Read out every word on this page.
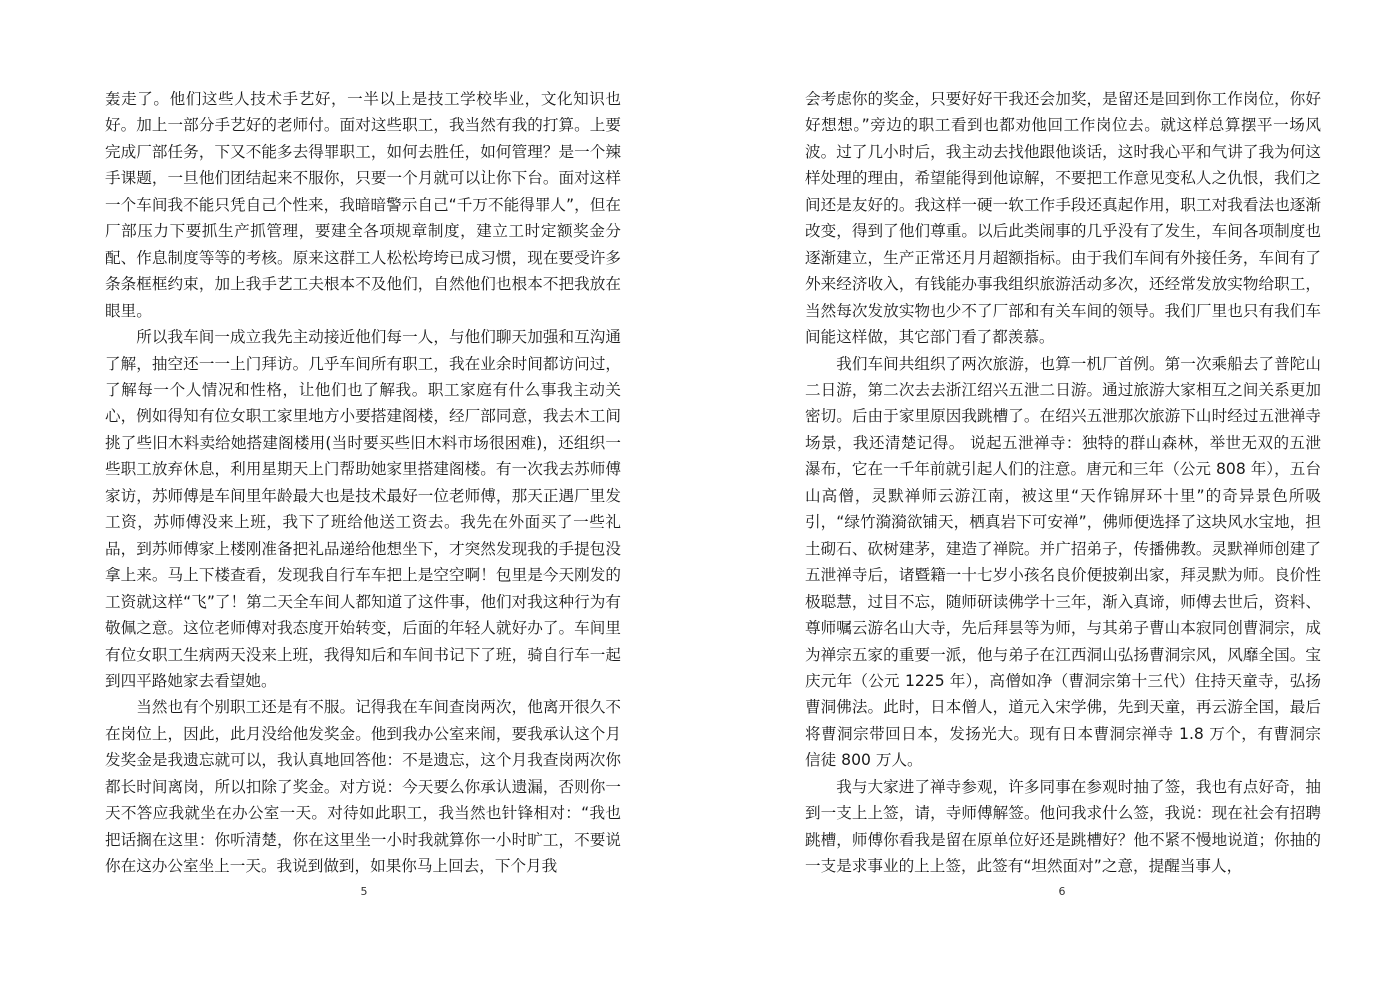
轰走了。他们这些人技术手艺好，一半以上是技工学校毕业，文化知识也好。加上一部分手艺好的老师付。面对这些职工，我当然有我的打算。上要完成厂部任务，下又不能多去得罪职工，如何去胜任，如何管理？是一个辣手课题，一旦他们团结起来不服你，只要一个月就可以让你下台。面对这样一个车间我不能只凭自己个性来，我暗暗警示自己“千万不能得罪人”，但在厂部压力下要抓生产抓管理，要建全各项规章制度，建立工时定额奖金分配、作息制度等等的考核。原来这群工人松松垮垮已成习惯，现在要受许多条条框框约束，加上我手艺工夫根本不及他们，自然他们也根本不把我放在眼里。

所以我车间一成立我先主动接近他们每一人，与他们聊天加强和互沟通了解，抽空还一一上门拜访。几乎车间所有职工，我在业余时间都访问过，了解每一个人情况和性格，让他们也了解我。职工家庭有什么事我主动关心，例如得知有位女职工家里地方小要搭建阁楼，经厂部同意，我去木工间挑了些旧木料卖给她搭建阁楼用(当时要买些旧木料市场很困难)，还组织一些职工放弃休息，利用星期天上门帮助她家里搭建阁楼。有一次我去苏师傅家访，苏师傅是车间里年龄最大也是技术最好一位老师傅，那天正遇厂里发工资，苏师傅没来上班，我下了班给他送工资去。我先在外面买了一些礼品，到苏师傅家上楼刚准备把礼品递给他想坐下，才突然发现我的手提包没拿上来。马上下楼查看，发现我自行车车把上是空空啊！包里是今天刚发的工资就这样“飞”了！第二天全车间人都知道了这件事，他们对我这种行为有敬佩之意。这位老师傅对我态度开始转变，后面的年轻人就好办了。车间里有位女职工生病两天没来上班，我得知后和车间书记下了班，骑自行车一起到四平路她家去看望她。

当然也有个别职工还是有不服。记得我在车间查岗两次，他离开很久不在岗位上，因此，此月没给他发奖金。他到我办公室来闹，要我承认这个月发奖金是我遗忘就可以，我认真地回答他：不是遗忘，这个月我查岗两次你都长时间离岗，所以扣除了奖金。对方说：今天要么你承认遗漏，否则你一天不答应我就坐在办公室一天。对待如此职工，我当然也针锋相对：“我也把话搁在这里：你听清楚，你在这里坐一小时我就算你一小时旷工，不要说你在这办公室坐上一天。我说到做到，如果你马上回去，下个月我

5

会考虑你的奖金，只要好好干我还会加奖，是留还是回到你工作岗位，你好好想想。”旁边的职工看到也都劝他回工作岗位去。就这样总算摆平一场风波。过了几小时后，我主动去找他跟他谈话，这时我心平和气讲了我为何这样处理的理由，希望能得到他谅解，不要把工作意见变私人之仇恨，我们之间还是友好的。我这样一硬一软工作手段还真起作用，职工对我看法也逐渐改变，得到了他们尊重。以后此类闹事的几乎没有了发生，车间各项制度也逐渐建立，生产正常还月月超额指标。由于我们车间有外接任务，车间有了外来经济收入，有钱能办事我组织旅游活动多次，还经常发放实物给职工，当然每次发放实物也少不了厂部和有关车间的领导。我们厂里也只有我们车间能这样做，其它部门看了都羡慕。

我们车间共组织了两次旅游，也算一机厂首例。第一次乘船去了普陀山二日游，第二次去去浙江绍兴五泄二日游。通过旅游大家相互之间关系更加密切。后由于家里原因我跳槽了。在绍兴五泄那次旅游下山时经过五泄禅寺场景，我还清楚记得。 说起五泄禅寺：独特的群山森林，举世无双的五泄瀑布，它在一千年前就引起人们的注意。唐元和三年（公元 808 年），五台山高僧，灵默禅师云游江南，被这里“天作锦屏环十里”的奇异景色所吸引，“绿竹漪漪欲铺天，栖真岩下可安禅”，佛师便选择了这块风水宝地，担土砌石、砍树建茅，建造了禅院。并广招弟子，传播佛教。灵默禅师创建了五泄禅寺后，诸暨籍一十七岁小孩名良价便披剃出家，拜灵默为师。良价性极聪慧，过目不忘，随师研读佛学十三年，渐入真谛，师傅去世后，资料、尊师嘱云游名山大寺，先后拜昙等为师，与其弟子曹山本寂同创曹洞宗，成为禅宗五家的重要一派，他与弟子在江西洞山弘扬曹洞宗风，风靡全国。宝庆元年（公元 1225 年），高僧如净（曹洞宗第十三代）住持天童寺，弘扬曹洞佛法。此时，日本僧人，道元入宋学佛，先到天童，再云游全国，最后将曹洞宗带回日本，发扬光大。现有日本曹洞宗禅寺 1.8 万个，有曹洞宗信徒 800 万人。

我与大家进了禅寺参观，许多同事在参观时抽了签，我也有点好奇，抽到一支上上签，请，寺师傅解签。他问我求什么签，我说：现在社会有招聘跳槽，师傅你看我是留在原单位好还是跳槽好？他不紧不慢地说道；你抽的一支是求事业的上上签，此签有“坦然面对”之意，提醒当事人，

6
